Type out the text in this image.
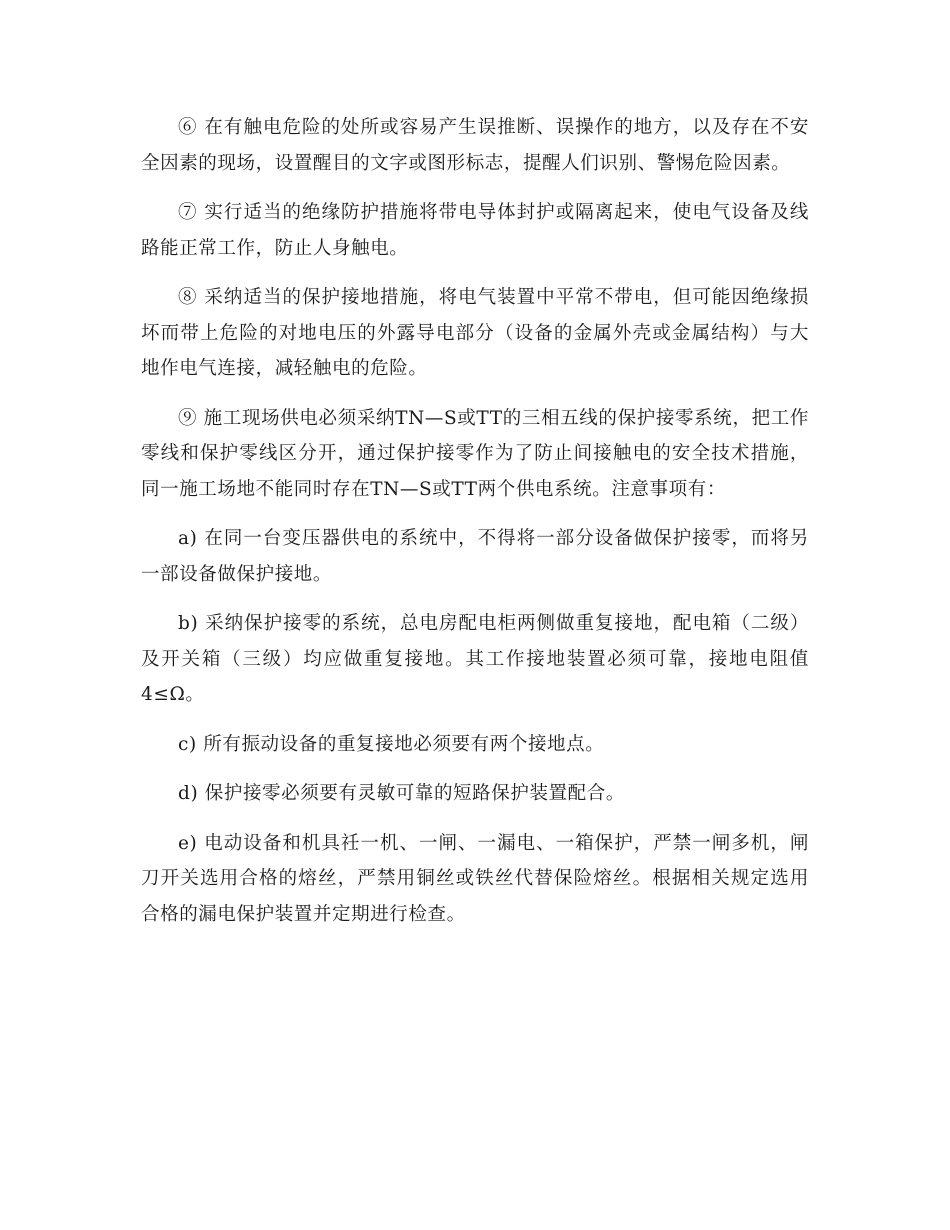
⑥ 在有触电危险的处所或容易产生误推断、误操作的地方，以及存在不安全因素的现场，设置醒目的文字或图形标志，提醒人们识别、警惕危险因素。

⑦ 实行适当的绝缘防护措施将带电导体封护或隔离起来，使电气设备及线路能正常工作，防止人身触电。

⑧ 采纳适当的保护接地措施，将电气装置中平常不带电，但可能因绝缘损坏而带上危险的对地电压的外露导电部分（设备的金属外壳或金属结构）与大地作电气连接，减轻触电的危险。

⑨ 施工现场供电必须采纳TN—S或TT的三相五线的保护接零系统，把工作零线和保护零线区分开，通过保护接零作为了防止间接触电的安全技术措施，同一施工场地不能同时存在TN—S或TT两个供电系统。注意事项有：

a) 在同一台变压器供电的系统中，不得将一部分设备做保护接零，而将另一部设备做保护接地。

b) 采纳保护接零的系统，总电房配电柜两侧做重复接地，配电箱（二级）及开关箱（三级）均应做重复接地。其工作接地装置必须可靠，接地电阻值4≤Ω。

c) 所有振动设备的重复接地必须要有两个接地点。

d) 保护接零必须要有灵敏可靠的短路保护装置配合。

e) 电动设备和机具祍一机、一闸、一漏电、一箱保护，严禁一闸多机，闸刀开关选用合格的熔丝，严禁用铜丝或铁丝代替保险熔丝。根据相关规定选用合格的漏电保护装置并定期进行检查。
